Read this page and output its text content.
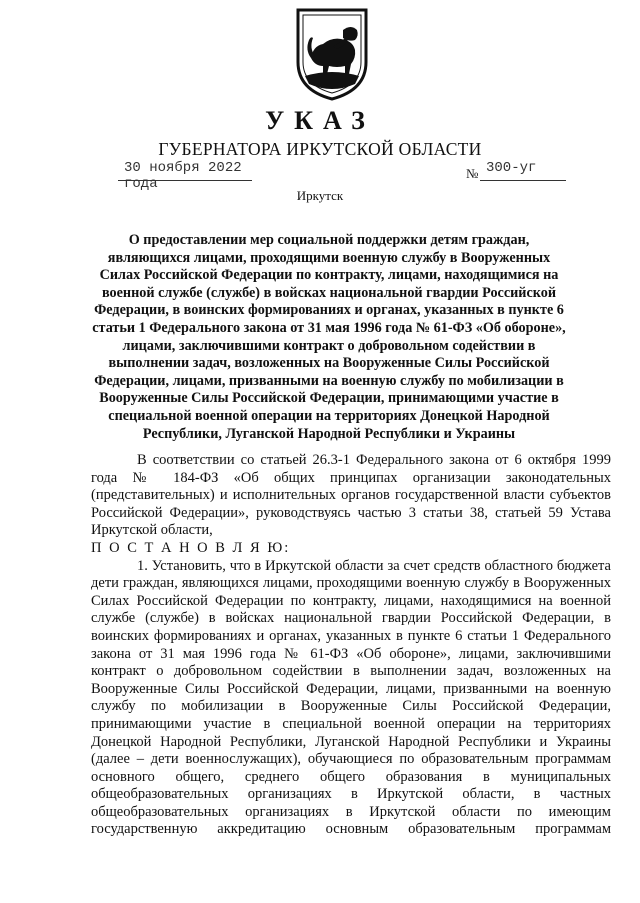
УКАЗ
ГУБЕРНАТОРА ИРКУТСКОЙ ОБЛАСТИ
30 ноября 2022 года
№ 300-уг
Иркутск
О предоставлении мер социальной поддержки детям граждан, являющихся лицами, проходящими военную службу в Вооруженных Силах Российской Федерации по контракту, лицами, находящимися на военной службе (службе) в войсках национальной гвардии Российской Федерации, в воинских формированиях и органах, указанных в пункте 6 статьи 1 Федерального закона от 31 мая 1996 года № 61-ФЗ «Об обороне», лицами, заключившими контракт о добровольном содействии в выполнении задач, возложенных на Вооруженные Силы Российской Федерации, лицами, призванными на военную службу по мобилизации в Вооруженные Силы Российской Федерации, принимающими участие в специальной военной операции на территориях Донецкой Народной Республики, Луганской Народной Республики и Украины

В соответствии со статьей 26.3-1 Федерального закона от 6 октября 1999 года № 184-ФЗ «Об общих принципах организации законодательных (представительных) и исполнительных органов государственной власти субъектов Российской Федерации», руководствуясь частью 3 статьи 38, статьей 59 Устава Иркутской области,

П О С Т А Н О В Л Я Ю:

1. Установить, что в Иркутской области за счет средств областного бюджета дети граждан, являющихся лицами, проходящими военную службу в Вооруженных Силах Российской Федерации по контракту, лицами, находящимися на военной службе (службе) в войсках национальной гвардии Российской Федерации, в воинских формированиях и органах, указанных в пункте 6 статьи 1 Федерального закона от 31 мая 1996 года № 61-ФЗ «Об обороне», лицами, заключившими контракт о добровольном содействии в выполнении задач, возложенных на Вооруженные Силы Российской Федерации, лицами, призванными на военную службу по мобилизации в Вооруженные Силы Российской Федерации, принимающими участие в специальной военной операции на территориях Донецкой Народной Республики, Луганской Народной Республики и Украины (далее – дети военнослужащих), обучающиеся по образовательным программам основного общего, среднего общего образования в муниципальных общеобразовательных организациях в Иркутской области, в частных общеобразовательных организациях в Иркутской области по имеющим государственную аккредитацию основным образовательным программам
